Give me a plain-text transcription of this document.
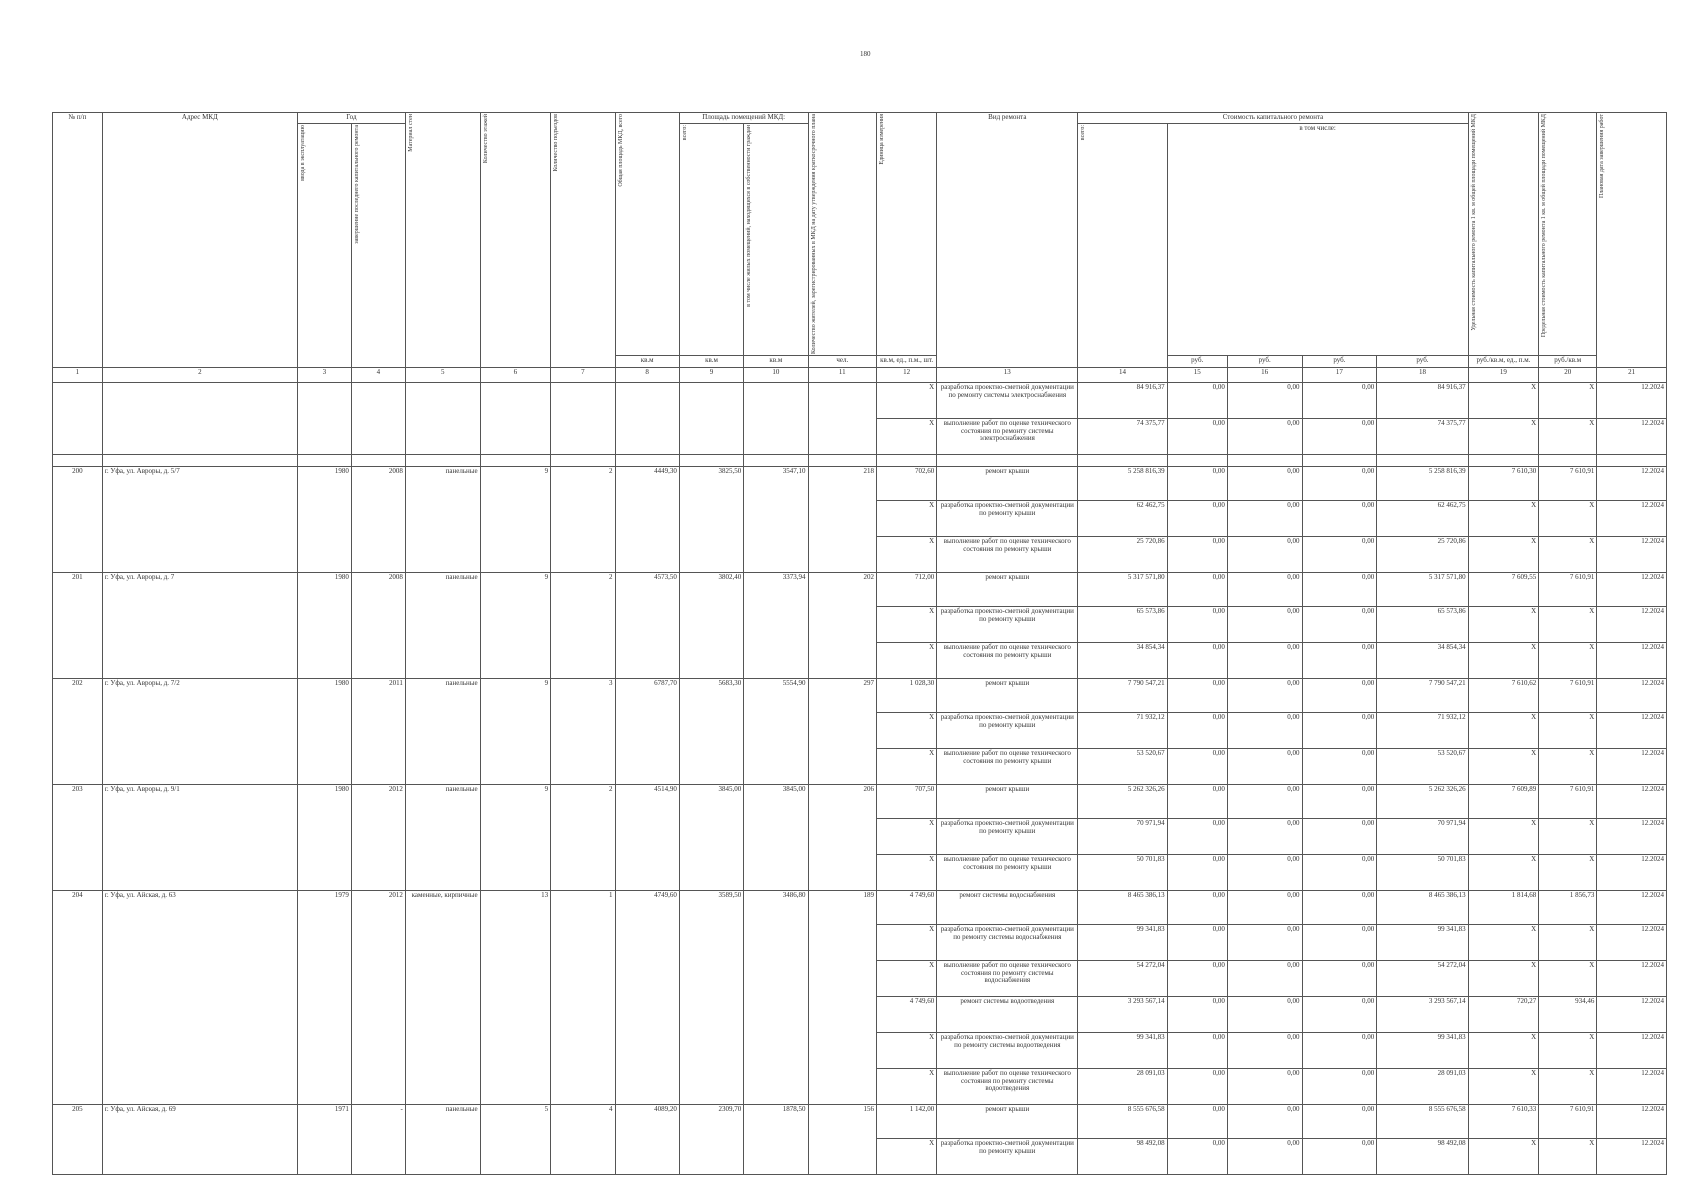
180
№ п/п	Адрес МКД	Год		Материал стен	Количество этажей	Количество подъездов	Общая площадь МКД, всего	Площадь помещений МКД:		Количество жителей, зарегистрированных в МКД на дату утверждения краткосрочного плана	Единица измерения	Вид ремонта	Стоимость капитального ремонта					Удельная стоимость капитального ремонта 1 кв. м общей площади помещений МКД	Предельная стоимость капитального ремонта 1 кв. м общей площади помещений МКД	Плановая дата завершения работ

		ввода в эксплуатацию	завершение последнего капитального ремонта					всего:	в том числе жилых помещений, находящихся в собственности граждан				всего:	в том числе:						
							кв.м	кв.м	кв.м	чел.	кв.м, ед., п.м., шт.			руб.	руб.	руб.	руб.	руб./кв.м, ед., п.м.	руб./кв.м	
1	2	3	4	5	6	7	8	9	10	11	12	13	14	15	16	17	18	19	20	21
											X	разработка проектно-сметной документации по ремонту системы электроснабжения	84 916,37	0,00	0,00	0,00	84 916,37	X	X	12.2024
											X	выполнение работ по оценке технического состояния по ремонту системы электроснабжения	74 375,77	0,00	0,00	0,00	74 375,77	X	X	12.2024

200	г. Уфа, ул. Авроры, д. 5/7	1980	2008	панельные	9	2	4449,30	3825,50	3547,10	218	702,60	ремонт крыши	5 258 816,39	0,00	0,00	0,00	5 258 816,39	7 610,30	7 610,91	12.2024
											X	разработка проектно-сметной документации по ремонту крыши	62 462,75	0,00	0,00	0,00	62 462,75	X	X	12.2024
											X	выполнение работ по оценке технического состояния по ремонту крыши	25 720,86	0,00	0,00	0,00	25 720,86	X	X	12.2024
201	г. Уфа, ул. Авроры, д. 7	1980	2008	панельные	9	2	4573,50	3802,40	3373,94	202	712,00	ремонт крыши	5 317 571,80	0,00	0,00	0,00	5 317 571,80	7 609,55	7 610,91	12.2024
											X	разработка проектно-сметной документации по ремонту крыши	65 573,86	0,00	0,00	0,00	65 573,86	X	X	12.2024
											X	выполнение работ по оценке технического состояния по ремонту крыши	34 854,34	0,00	0,00	0,00	34 854,34	X	X	12.2024
202	г. Уфа, ул. Авроры, д. 7/2	1980	2011	панельные	9	3	6787,70	5683,30	5554,90	297	1 028,30	ремонт крыши	7 790 547,21	0,00	0,00	0,00	7 790 547,21	7 610,62	7 610,91	12.2024
											X	разработка проектно-сметной документации по ремонту крыши	71 932,12	0,00	0,00	0,00	71 932,12	X	X	12.2024
											X	выполнение работ по оценке технического состояния по ремонту крыши	53 520,67	0,00	0,00	0,00	53 520,67	X	X	12.2024
203	г. Уфа, ул. Авроры, д. 9/1	1980	2012	панельные	9	2	4514,90	3845,00	3845,00	206	707,50	ремонт крыши	5 262 326,26	0,00	0,00	0,00	5 262 326,26	7 609,89	7 610,91	12.2024
											X	разработка проектно-сметной документации по ремонту крыши	70 971,94	0,00	0,00	0,00	70 971,94	X	X	12.2024
											X	выполнение работ по оценке технического состояния по ремонту крыши	50 701,83	0,00	0,00	0,00	50 701,83	X	X	12.2024
204	г. Уфа, ул. Айская, д. 63	1979	2012	каменные, кирпичные	13	1	4749,60	3589,50	3486,80	189	4 749,60	ремонт системы водоснабжения	8 465 386,13	0,00	0,00	0,00	8 465 386,13	1 814,68	1 856,73	12.2024
											X	разработка проектно-сметной документации по ремонту системы водоснабжения	99 341,83	0,00	0,00	0,00	99 341,83	X	X	12.2024
											X	выполнение работ по оценке технического состояния по ремонту системы водоснабжения	54 272,04	0,00	0,00	0,00	54 272,04	X	X	12.2024
											4 749,60	ремонт системы водоотведения	3 293 567,14	0,00	0,00	0,00	3 293 567,14	720,27	934,46	12.2024
											X	разработка проектно-сметной документации по ремонту системы водоотведения	99 341,83	0,00	0,00	0,00	99 341,83	X	X	12.2024
											X	выполнение работ по оценке технического состояния по ремонту системы водоотведения	28 091,03	0,00	0,00	0,00	28 091,03	X	X	12.2024
205	г. Уфа, ул. Айская, д. 69	1971	-	панельные	5	4	4089,20	2309,70	1878,50	156	1 142,00	ремонт крыши	8 555 676,58	0,00	0,00	0,00	8 555 676,58	7 610,33	7 610,91	12.2024
											X	разработка проектно-сметной документации по ремонту крыши	98 492,08	0,00	0,00	0,00	98 492,08	X	X	12.2024
